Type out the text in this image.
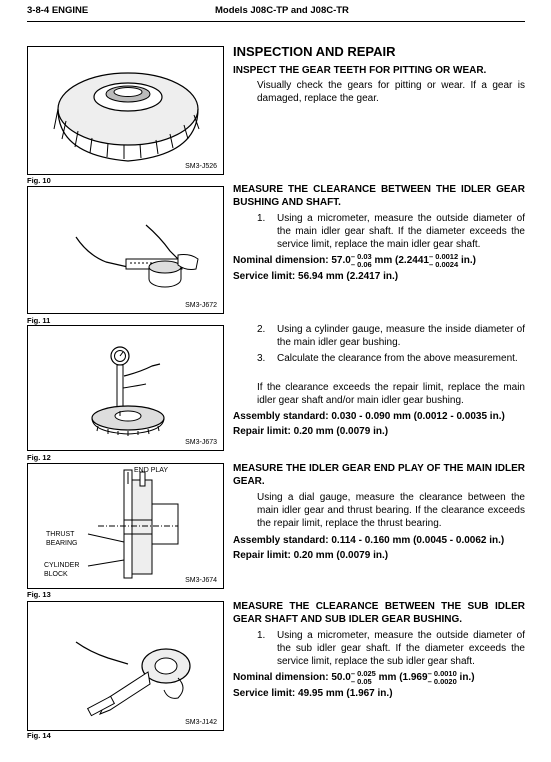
3-8-4 ENGINE	Models J08C-TP and J08C-TR
SM3-J526
Fig. 10
SM3-J672
Fig. 11
SM3-J673
Fig. 12
END PLAY
THRUST
BEARING
CYLINDER
BLOCK
SM3-J674
Fig. 13
SM3-J142
Fig. 14
INSPECTION AND REPAIR
INSPECT THE GEAR TEETH FOR PITTING OR WEAR.
Visually check the gears for pitting or wear. If a gear is damaged, replace the gear.
MEASURE THE CLEARANCE BETWEEN THE IDLER GEAR BUSHING AND SHAFT.
1. Using a micrometer, measure the outside diameter of the main idler gear shaft. If the diameter exceeds the service limit, replace the main idler gear shaft.
Nominal dimension: 57.0– 0.03
– 0.06 mm (2.2441– 0.0012
– 0.0024 in.)
Service limit: 56.94 mm (2.2417 in.)
2. Using a cylinder gauge, measure the inside diameter of the main idler gear bushing.
3. Calculate the clearance from the above measurement.
If the clearance exceeds the repair limit, replace the main idler gear shaft and/or main idler gear bushing.
Assembly standard: 0.030 - 0.090 mm (0.0012 - 0.0035 in.)
Repair limit: 0.20 mm (0.0079 in.)
MEASURE THE IDLER GEAR END PLAY OF THE MAIN IDLER GEAR.
Using a dial gauge, measure the clearance between the main idler gear and thrust bearing. If the clearance exceeds the repair limit, replace the thrust bearing.
Assembly standard: 0.114 - 0.160 mm (0.0045 - 0.0062 in.)
Repair limit: 0.20 mm (0.0079 in.)
MEASURE THE CLEARANCE BETWEEN THE SUB IDLER GEAR SHAFT AND SUB IDLER GEAR BUSHING.
1. Using a micrometer, measure the outside diameter of the sub idler gear shaft. If the diameter exceeds the service limit, replace the sub idler gear shaft.
Nominal dimension: 50.0– 0.025
– 0.05 mm (1.969– 0.0010
– 0.0020 in.)
Service limit: 49.95 mm (1.967 in.)
